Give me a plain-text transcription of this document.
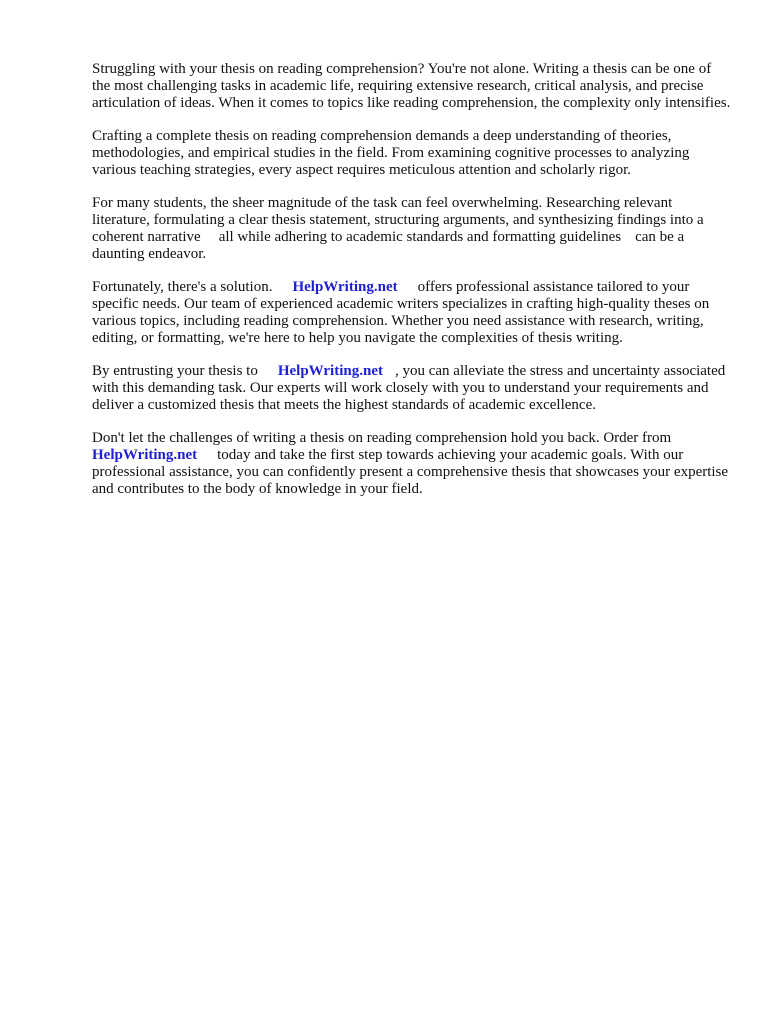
Struggling with your thesis on reading comprehension? You're not alone. Writing a thesis can be one of the most challenging tasks in academic life, requiring extensive research, critical analysis, and precise articulation of ideas. When it comes to topics like reading comprehension, the complexity only intensifies.

Crafting a complete thesis on reading comprehension demands a deep understanding of theories, methodologies, and empirical studies in the field. From examining cognitive processes to analyzing various teaching strategies, every aspect requires meticulous attention and scholarly rigor.

For many students, the sheer magnitude of the task can feel overwhelming. Researching relevant literature, formulating a clear thesis statement, structuring arguments, and synthesizing findings into a coherent narrative all while adhering to academic standards and formatting guidelines can be a daunting endeavor.

Fortunately, there's a solution. HelpWriting.net offers professional assistance tailored to your specific needs. Our team of experienced academic writers specializes in crafting high-quality theses on various topics, including reading comprehension. Whether you need assistance with research, writing, editing, or formatting, we're here to help you navigate the complexities of thesis writing.

By entrusting your thesis to HelpWriting.net , you can alleviate the stress and uncertainty associated with this demanding task. Our experts will work closely with you to understand your requirements and deliver a customized thesis that meets the highest standards of academic excellence.

Don't let the challenges of writing a thesis on reading comprehension hold you back. Order from HelpWriting.net today and take the first step towards achieving your academic goals. With our professional assistance, you can confidently present a comprehensive thesis that showcases your expertise and contributes to the body of knowledge in your field.
